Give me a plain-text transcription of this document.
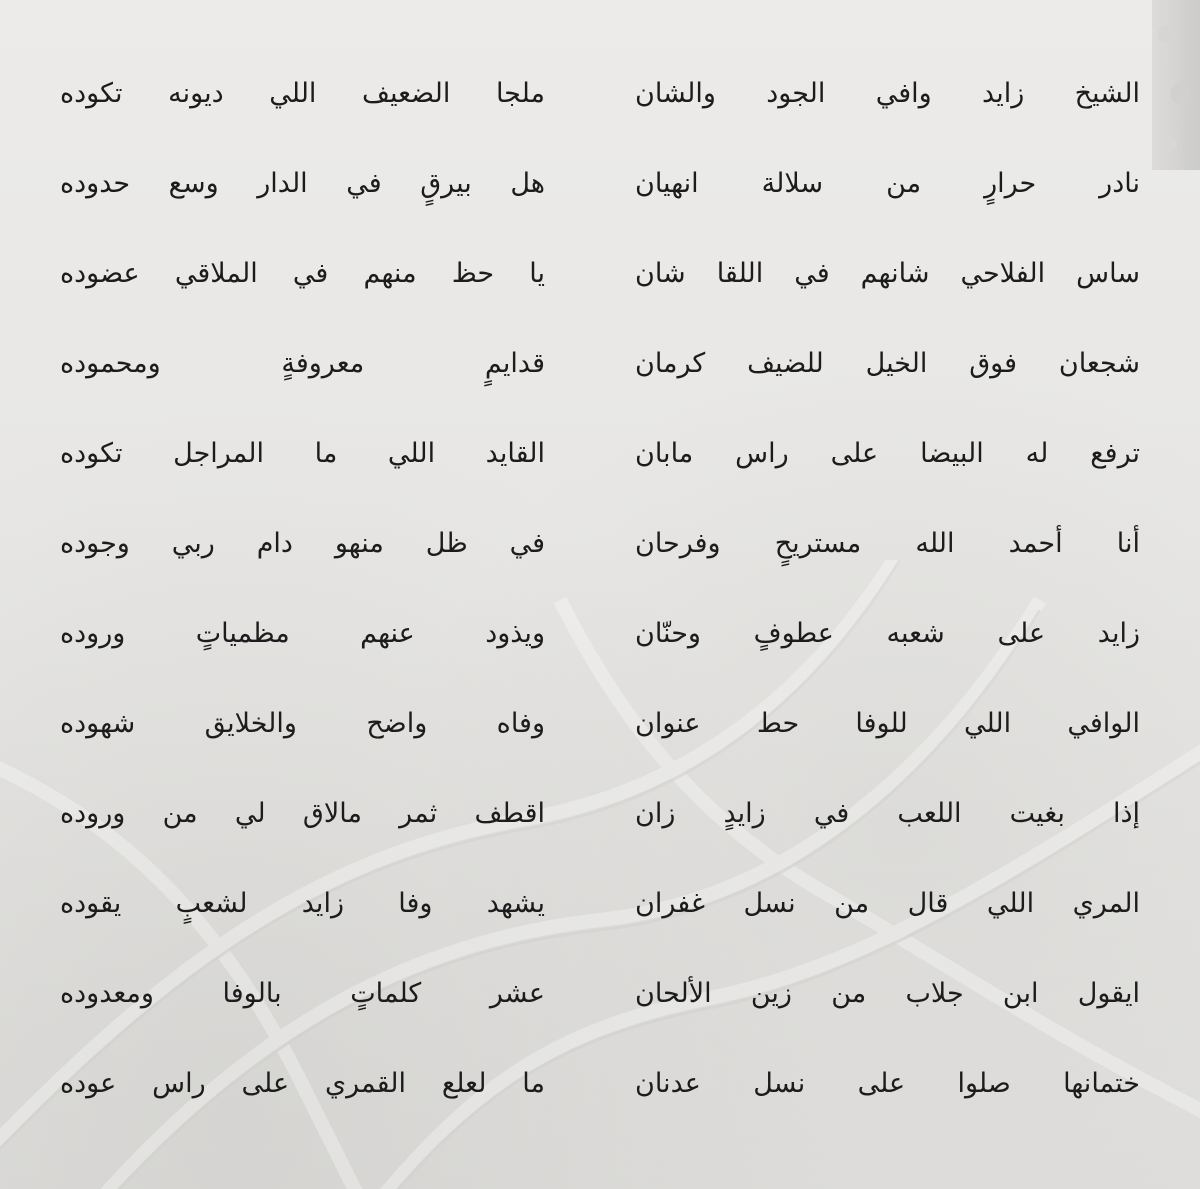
الشيخ زايد وافي الجود والشان
ملجا الضعيف اللي ديونه تكوده
نادر حرارٍ من سلالة انهيان
هل بيرقٍ في الدار وسع حدوده
ساس الفلاحي شانهم في اللقا شان
يا حظ منهم في الملاقي عضوده
شجعان فوق الخيل للضيف كرمان
قدايمٍ معروفةٍ ومحموده
ترفع له البيضا على راس مابان
القايد اللي ما المراجل تكوده
أنا أحمد الله مستريحٍ وفرحان
في ظل منهو دام ربي وجوده
زايد على شعبه عطوفٍ وحنّان
ويذود عنهم مظمياتٍ وروده
الوافي اللي للوفا حط عنوان
وفاه واضح والخلايق شهوده
إذا بغيت اللعب في زايدٍ زان
اقطف ثمر مالاق لي من وروده
المري اللي قال من نسل غفران
يشهد وفا زايد لشعبٍ يقوده
ايقول ابن جلاب من زين الألحان
عشر كلماتٍ بالوفا ومعدوده
ختمانها صلوا على نسل عدنان
ما لعلع القمري على راس عوده
